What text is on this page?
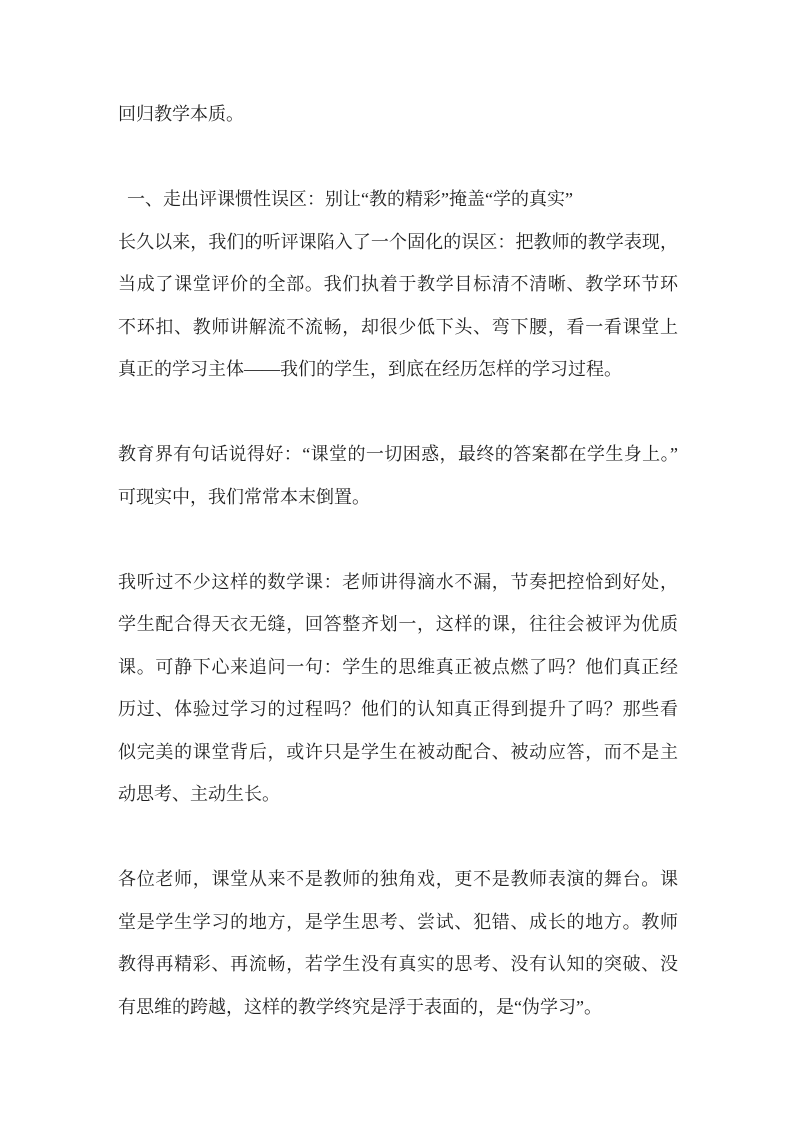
回归教学本质。

一、走出评课惯性误区：别让“教的精彩”掩盖“学的真实”

长久以来，我们的听评课陷入了一个固化的误区：把教师的教学表现，
当成了课堂评价的全部。我们执着于教学目标清不清晰、教学环节环
不环扣、教师讲解流不流畅，却很少低下头、弯下腰，看一看课堂上
真正的学习主体——我们的学生，到底在经历怎样的学习过程。

教育界有句话说得好：“课堂的一切困惑，最终的答案都在学生身上。”
可现实中，我们常常本末倒置。

我听过不少这样的数学课：老师讲得滴水不漏，节奏把控恰到好处，
学生配合得天衣无缝，回答整齐划一，这样的课，往往会被评为优质
课。可静下心来追问一句：学生的思维真正被点燃了吗？他们真正经
历过、体验过学习的过程吗？他们的认知真正得到提升了吗？那些看
似完美的课堂背后，或许只是学生在被动配合、被动应答，而不是主
动思考、主动生长。

各位老师，课堂从来不是教师的独角戏，更不是教师表演的舞台。课
堂是学生学习的地方，是学生思考、尝试、犯错、成长的地方。教师
教得再精彩、再流畅，若学生没有真实的思考、没有认知的突破、没
有思维的跨越，这样的教学终究是浮于表面的，是“伪学习”。
